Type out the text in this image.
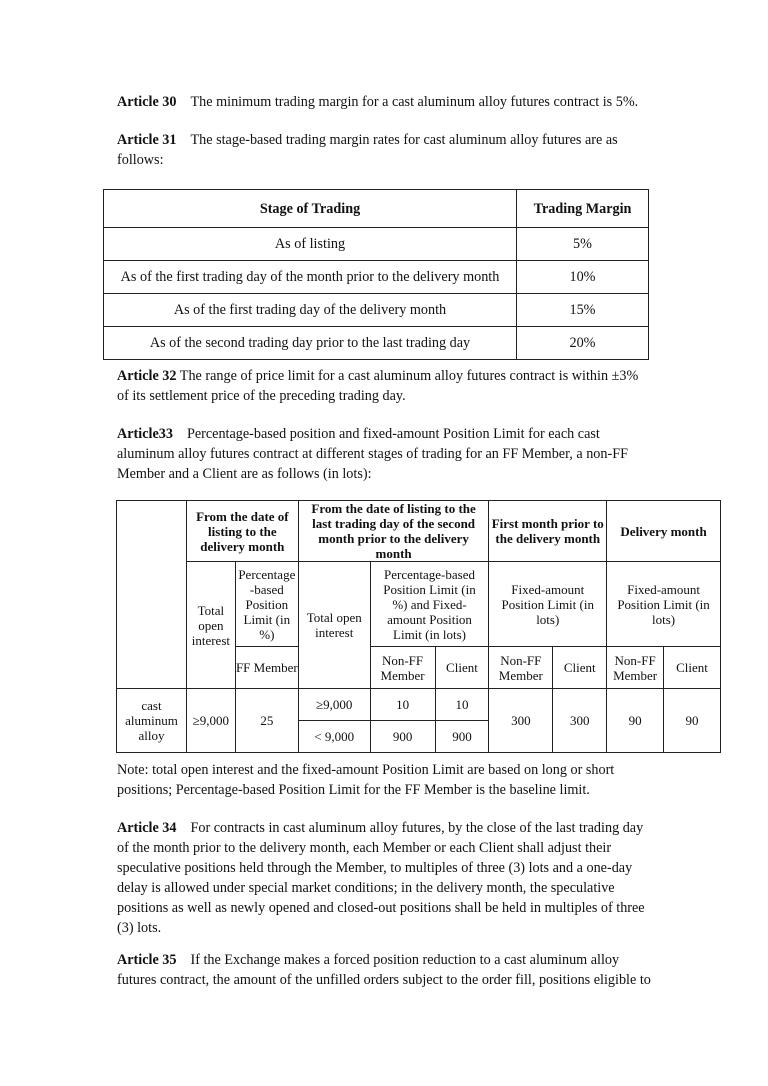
Article 30 The minimum trading margin for a cast aluminum alloy futures contract is 5%.
Article 31 The stage-based trading margin rates for cast aluminum alloy futures are as
follows:
Stage of Trading	Trading Margin
As of listing	5%
As of the first trading day of the month prior to the delivery month	10%
As of the first trading day of the delivery month	15%
As of the second trading day prior to the last trading day	20%
Article 32 The range of price limit for a cast aluminum alloy futures contract is within ±3%
of its settlement price of the preceding trading day.
Article33 Percentage-based position and fixed-amount Position Limit for each cast
aluminum alloy futures contract at different stages of trading for an FF Member, a non-FF
Member and a Client are as follows (in lots):
	From the date of listing to the delivery month		From the date of listing to the last trading day of the second month prior to the delivery month			First month prior to the delivery month		Delivery month	
	Total open interest	Percentage -based Position Limit (in %)	Total open interest	Percentage-based Position Limit (in %) and Fixed-amount Position Limit (in lots)		Fixed-amount Position Limit (in lots)		Fixed-amount Position Limit (in lots)	
		FF Member		Non-FF Member	Client	Non-FF Member	Client	Non-FF Member	Client
cast aluminum alloy	≥9,000	25	≥9,000	10	10	300	300	90	90
			< 9,000	900	900				
Note: total open interest and the fixed-amount Position Limit are based on long or short
positions; Percentage-based Position Limit for the FF Member is the baseline limit.
Article 34 For contracts in cast aluminum alloy futures, by the close of the last trading day
of the month prior to the delivery month, each Member or each Client shall adjust their
speculative positions held through the Member, to multiples of three (3) lots and a one-day
delay is allowed under special market conditions; in the delivery month, the speculative
positions as well as newly opened and closed-out positions shall be held in multiples of three
(3) lots.
Article 35 If the Exchange makes a forced position reduction to a cast aluminum alloy
futures contract, the amount of the unfilled orders subject to the order fill, positions eligible to
